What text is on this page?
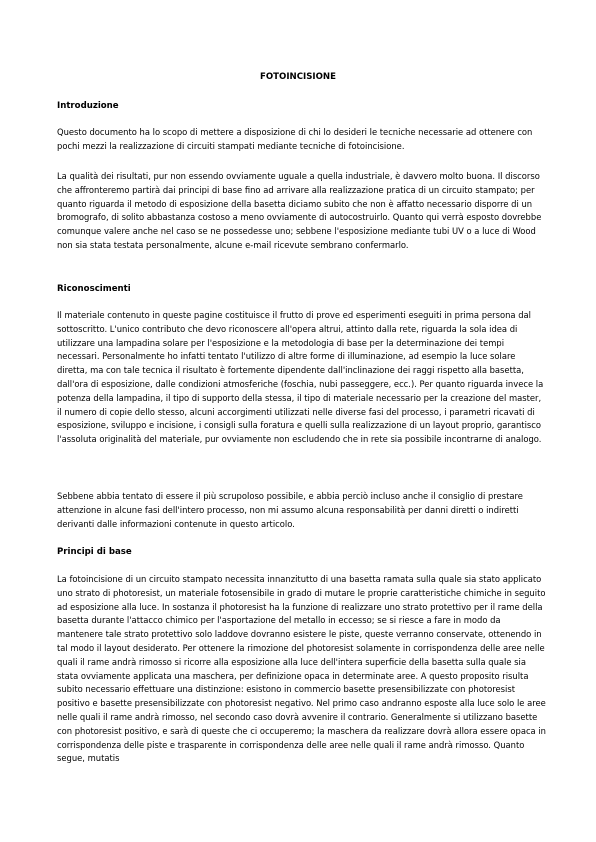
FOTOINCISIONE
Introduzione

Questo documento ha lo scopo di mettere a disposizione di chi lo desideri le tecniche necessarie ad ottenere con pochi mezzi la realizzazione di circuiti stampati mediante tecniche di fotoincisione.

La qualità dei risultati, pur non essendo ovviamente uguale a quella industriale, è davvero molto buona. Il discorso che affronteremo partirà dai principi di base fino ad arrivare alla realizzazione pratica di un circuito stampato; per quanto riguarda il metodo di esposizione della basetta diciamo subito che non è affatto necessario disporre di un bromografo, di solito abbastanza costoso a meno ovviamente di autocostruirlo. Quanto qui verrà esposto dovrebbe comunque valere anche nel caso se ne possedesse uno; sebbene l'esposizione mediante tubi UV o a luce di Wood non sia stata testata personalmente, alcune e-mail ricevute sembrano confermarlo.

Riconoscimenti

Il materiale contenuto in queste pagine costituisce il frutto di prove ed esperimenti eseguiti in prima persona dal sottoscritto. L'unico contributo che devo riconoscere all'opera altrui, attinto dalla rete, riguarda la sola idea di utilizzare una lampadina solare per l'esposizione e la metodologia di base per la determinazione dei tempi necessari. Personalmente ho infatti tentato l'utilizzo di altre forme di illuminazione, ad esempio la luce solare diretta, ma con tale tecnica il risultato è fortemente dipendente dall'inclinazione dei raggi rispetto alla basetta, dall'ora di esposizione, dalle condizioni atmosferiche (foschia, nubi passeggere, ecc.). Per quanto riguarda invece la potenza della lampadina, il tipo di supporto della stessa, il tipo di materiale necessario per la creazione del master, il numero di copie dello stesso, alcuni accorgimenti utilizzati nelle diverse fasi del processo, i parametri ricavati di esposizione, sviluppo e incisione, i consigli sulla foratura e quelli sulla realizzazione di un layout proprio, garantisco l'assoluta originalità del materiale, pur ovviamente non escludendo che in rete sia possibile incontrarne di analogo.

Sebbene abbia tentato di essere il più scrupoloso possibile, e abbia perciò incluso anche il consiglio di prestare attenzione in alcune fasi dell'intero processo, non mi assumo alcuna responsabilità per danni diretti o indiretti derivanti dalle informazioni contenute in questo articolo.

Principi di base

La fotoincisione di un circuito stampato necessita innanzitutto di una basetta ramata sulla quale sia stato applicato uno strato di photoresist, un materiale fotosensibile in grado di mutare le proprie caratteristiche chimiche in seguito ad esposizione alla luce. In sostanza il photoresist ha la funzione di realizzare uno strato protettivo per il rame della basetta durante l'attacco chimico per l'asportazione del metallo in eccesso; se si riesce a fare in modo da mantenere tale strato protettivo solo laddove dovranno esistere le piste, queste verranno conservate, ottenendo in tal modo il layout desiderato. Per ottenere la rimozione del photoresist solamente in corrispondenza delle aree nelle quali il rame andrà rimosso si ricorre alla esposizione alla luce dell'intera superficie della basetta sulla quale sia stata ovviamente applicata una maschera, per definizione opaca in determinate aree. A questo proposito risulta subito necessario effettuare una distinzione: esistono in commercio basette presensibilizzate con photoresist positivo e basette presensibilizzate con photoresist negativo. Nel primo caso andranno esposte alla luce solo le aree nelle quali il rame andrà rimosso, nel secondo caso dovrà avvenire il contrario. Generalmente si utilizzano basette con photoresist positivo, e sarà di queste che ci occuperemo; la maschera da realizzare dovrà allora essere opaca in corrispondenza delle piste e trasparente in corrispondenza delle aree nelle quali il rame andrà rimosso. Quanto segue, mutatis
